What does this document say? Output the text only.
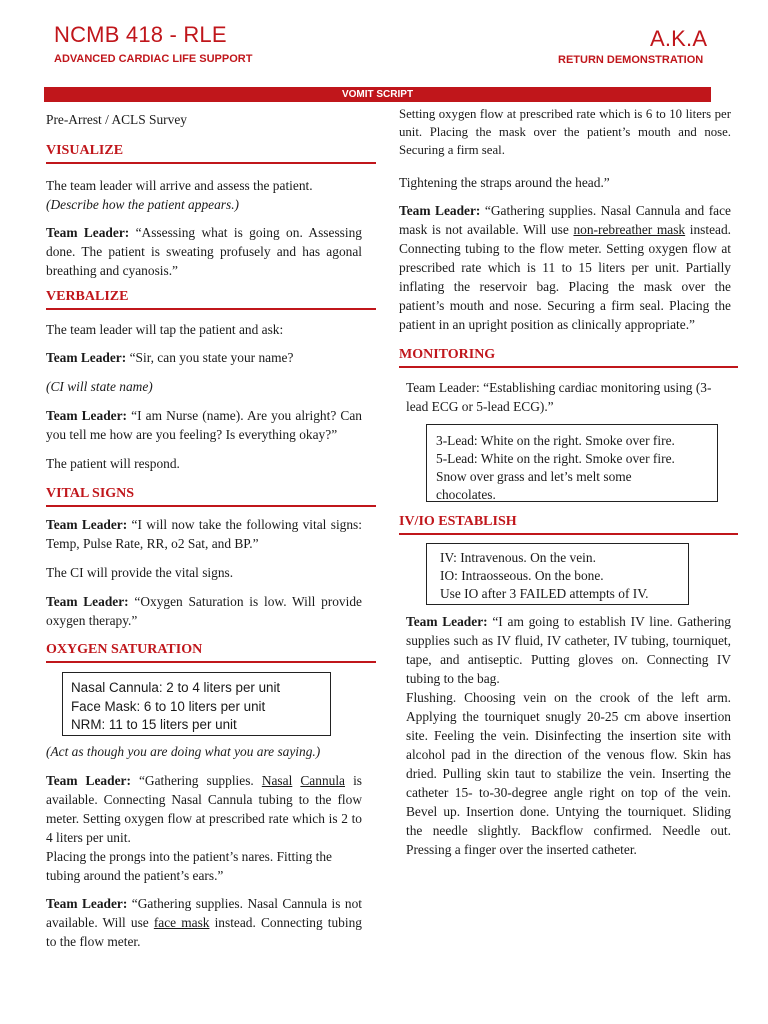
NCMB 418 - RLE
ADVANCED CARDIAC LIFE SUPPORT
A.K.A
RETURN DEMONSTRATION
VOMIT SCRIPT

Pre-Arrest / ACLS Survey

VISUALIZE

The team leader will arrive and assess the patient.

(Describe how the patient appears.)

Team Leader: “Assessing what is going on. Assessing done. The patient is sweating profusely and has agonal breathing and cyanosis.”

VERBALIZE

The team leader will tap the patient and ask:

Team Leader: “Sir, can you state your name?

(CI will state name)

Team Leader: “I am Nurse (name). Are you alright? Can you tell me how are you feeling? Is everything okay?”

The patient will respond.

VITAL SIGNS

Team Leader: “I will now take the following vital signs: Temp, Pulse Rate, RR, o2 Sat, and BP.”

The CI will provide the vital signs.

Team Leader: “Oxygen Saturation is low. Will provide oxygen therapy.”

OXYGEN SATURATION
Nasal Cannula: 2 to 4 liters per unit
Face Mask: 6 to 10 liters per unit
NRM: 11 to 15 liters per unit

(Act as though you are doing what you are saying.)

Team Leader: “Gathering supplies. Nasal Cannula is available. Connecting Nasal Cannula tubing to the flow meter. Setting oxygen flow at prescribed rate which is 2 to 4 liters per unit.

Placing the prongs into the patient’s nares. Fitting the tubing around the patient’s ears.”

Team Leader: “Gathering supplies. Nasal Cannula is not available. Will use face mask instead. Connecting tubing to the flow meter.

Setting oxygen flow at prescribed rate which is 6 to 10 liters per unit. Placing the mask over the patient’s mouth and nose. Securing a firm seal.

Tightening the straps around the head.”

Team Leader: “Gathering supplies. Nasal Cannula and face mask is not available. Will use non-rebreather mask instead. Connecting tubing to the flow meter. Setting oxygen flow at prescribed rate which is 11 to 15 liters per unit. Partially inflating the reservoir bag. Placing the mask over the patient’s mouth and nose. Securing a firm seal. Placing the patient in an upright position as clinically appropriate.”

MONITORING

Team Leader: “Establishing cardiac monitoring using (3-lead ECG or 5-lead ECG).”

3-Lead: White on the right. Smoke over fire.
5-Lead: White on the right. Smoke over fire.
Snow over grass and let’s melt some
chocolates.
IV/IO ESTABLISH
IV: Intravenous. On the vein.
IO: Intraosseous. On the bone.
Use IO after 3 FAILED attempts of IV.

Team Leader: “I am going to establish IV line. Gathering supplies such as IV fluid, IV catheter, IV tubing, tourniquet, tape, and antiseptic. Putting gloves on. Connecting IV tubing to the bag.

Flushing. Choosing vein on the crook of the left arm. Applying the tourniquet snugly 20-25 cm above insertion site. Feeling the vein. Disinfecting the insertion site with alcohol pad in the direction of the venous flow. Skin has dried. Pulling skin taut to stabilize the vein. Inserting the catheter 15- to-30-degree angle right on top of the vein. Bevel up. Insertion done. Untying the tourniquet. Sliding the needle slightly. Backflow confirmed. Needle out. Pressing a finger over the inserted catheter.
